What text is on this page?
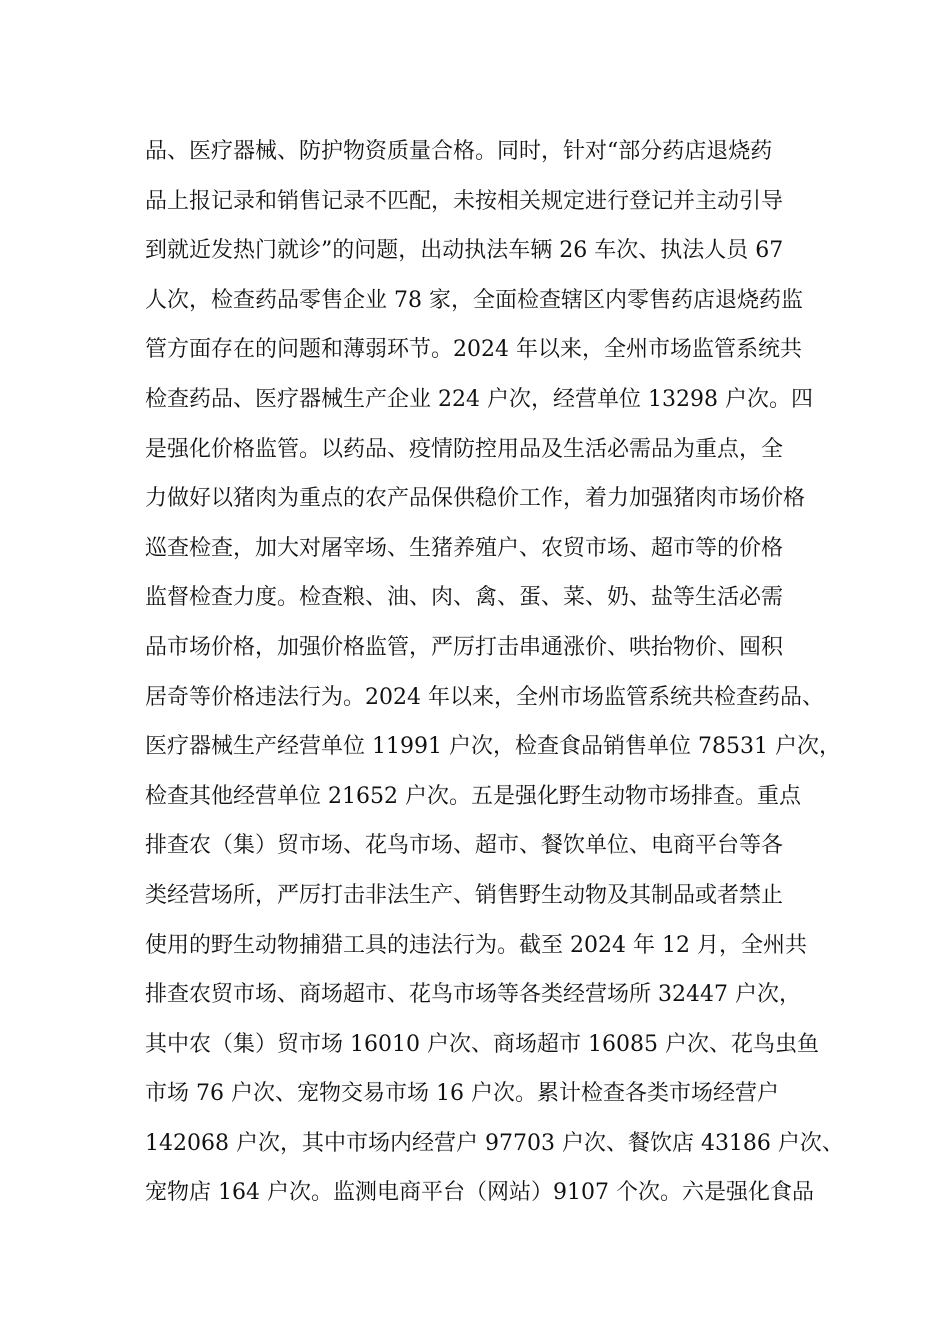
品、医疗器械、防护物资质量合格。同时，针对“部分药店退烧药
品上报记录和销售记录不匹配，未按相关规定进行登记并主动引导
到就近发热门就诊”的问题，出动执法车辆 26 车次、执法人员 67
人次，检查药品零售企业 78 家，全面检查辖区内零售药店退烧药监
管方面存在的问题和薄弱环节。2024 年以来，全州市场监管系统共
检查药品、医疗器械生产企业 224 户次，经营单位 13298 户次。四
是强化价格监管。以药品、疫情防控用品及生活必需品为重点，全
力做好以猪肉为重点的农产品保供稳价工作，着力加强猪肉市场价格
巡查检查，加大对屠宰场、生猪养殖户、农贸市场、超市等的价格
监督检查力度。检查粮、油、肉、禽、蛋、菜、奶、盐等生活必需
品市场价格，加强价格监管，严厉打击串通涨价、哄抬物价、囤积
居奇等价格违法行为。2024 年以来，全州市场监管系统共检查药品、
医疗器械生产经营单位 11991 户次，检查食品销售单位 78531 户次，
检查其他经营单位 21652 户次。五是强化野生动物市场排查。重点
排查农（集）贸市场、花鸟市场、超市、餐饮单位、电商平台等各
类经营场所，严厉打击非法生产、销售野生动物及其制品或者禁止
使用的野生动物捕猎工具的违法行为。截至 2024 年 12 月，全州共
排查农贸市场、商场超市、花鸟市场等各类经营场所 32447 户次，
其中农（集）贸市场 16010 户次、商场超市 16085 户次、花鸟虫鱼
市场 76 户次、宠物交易市场 16 户次。累计检查各类市场经营户
142068 户次，其中市场内经营户 97703 户次、餐饮店 43186 户次、
宠物店 164 户次。监测电商平台（网站）9107 个次。六是强化食品
